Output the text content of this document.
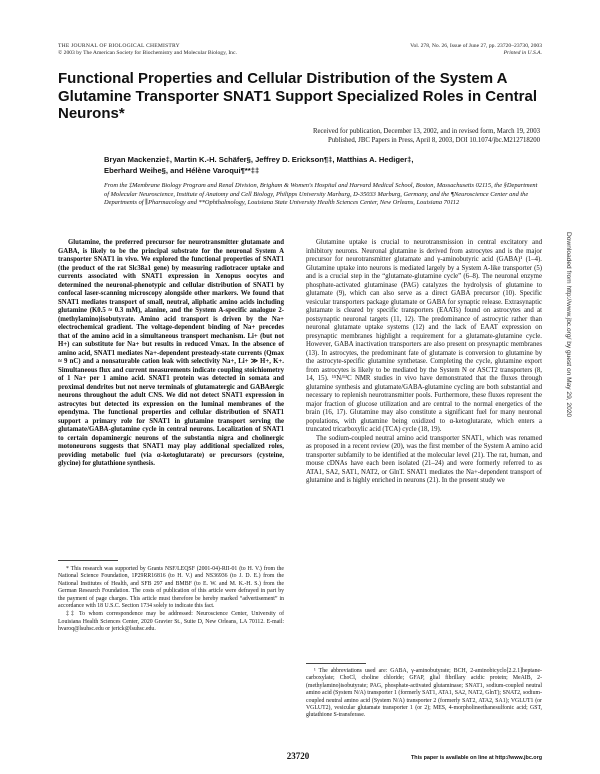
THE JOURNAL OF BIOLOGICAL CHEMISTRY
© 2003 by The American Society for Biochemistry and Molecular Biology, Inc.
Vol. 278, No. 26, Issue of June 27, pp. 23720–23730, 2003
Printed in U.S.A.
Functional Properties and Cellular Distribution of the System A Glutamine Transporter SNAT1 Support Specialized Roles in Central Neurons*
Received for publication, December 13, 2002, and in revised form, March 19, 2003
Published, JBC Papers in Press, April 8, 2003, DOI 10.1074/jbc.M212718200
Bryan Mackenzie‡, Martin K.-H. Schäfer§, Jeffrey D. Erickson¶‡, Matthias A. Hediger‡,
Eberhard Weihe§, and Hélène Varoqui¶**‡‡
From the ‡Membrane Biology Program and Renal Division, Brigham & Women's Hospital and Harvard Medical School, Boston, Massachusetts 02115, the §Department of Molecular Neuroscience, Institute of Anatomy and Cell Biology, Philipps University Marburg, D-35033 Marburg, Germany, and the ¶Neuroscience Center and the Departments of ∥Pharmacology and **Ophthalmology, Louisiana State University Health Sciences Center, New Orleans, Louisiana 70112
Glutamine, the preferred precursor for neurotransmitter glutamate and GABA, is likely to be the principal substrate for the neuronal System A transporter SNAT1 in vivo. We explored the functional properties of SNAT1 (the product of the rat Slc38a1 gene) by measuring radiotracer uptake and currents associated with SNAT1 expression in Xenopus oocytes and determined the neuronal-phenotypic and cellular distribution of SNAT1 by confocal laser-scanning microscopy alongside other markers. We found that SNAT1 mediates transport of small, neutral, aliphatic amino acids including glutamine (K0.5 ≈ 0.3 mM), alanine, and the System A-specific analogue 2-(methylamino)isobutyrate. Amino acid transport is driven by the Na+ electrochemical gradient. The voltage-dependent binding of Na+ precedes that of the amino acid in a simultaneous transport mechanism. Li+ (but not H+) can substitute for Na+ but results in reduced Vmax. In the absence of amino acid, SNAT1 mediates Na+-dependent presteady-state currents (Qmax ≈ 9 nC) and a nonsaturable cation leak with selectivity Na+, Li+ ≫ H+, K+. Simultaneous flux and current measurements indicate coupling stoichiometry of 1 Na+ per 1 amino acid. SNAT1 protein was detected in somata and proximal dendrites but not nerve terminals of glutamatergic and GABAergic neurons throughout the adult CNS. We did not detect SNAT1 expression in astrocytes but detected its expression on the luminal membranes of the ependyma. The functional properties and cellular distribution of SNAT1 support a primary role for SNAT1 in glutamine transport serving the glutamate/GABA-glutamine cycle in central neurons. Localization of SNAT1 to certain dopaminergic neurons of the substantia nigra and cholinergic motoneurons suggests that SNAT1 may play additional specialized roles, providing metabolic fuel (via α-ketoglutarate) or precursors (cysteine, glycine) for glutathione synthesis.

Glutamine uptake is crucial to neurotransmission in central excitatory and inhibitory neurons. Neuronal glutamine is derived from astrocytes and is the major precursor for neurotransmitter glutamate and γ-aminobutyric acid (GABA)¹ (1–4). Glutamine uptake into neurons is mediated largely by a System A-like transporter (5) and is a crucial step in the “glutamate-glutamine cycle” (6–8). The neuronal enzyme phosphate-activated glutaminase (PAG) catalyzes the hydrolysis of glutamine to glutamate (9), which can also serve as a direct GABA precursor (10). Specific vesicular transporters package glutamate or GABA for synaptic release. Extrasynaptic glutamate is cleared by specific transporters (EAATs) found on astrocytes and at postsynaptic neuronal targets (11, 12). The predominance of astrocytic rather than neuronal glutamate uptake systems (12) and the lack of EAAT expression on presynaptic membranes highlight a requirement for a glutamate-glutamine cycle. However, GABA inactivation transporters are also present on presynaptic membranes (13). In astrocytes, the predominant fate of glutamate is conversion to glutamine by the astrocyte-specific glutamine synthetase. Completing the cycle, glutamine export from astrocytes is likely to be mediated by the System N or ASCT2 transporters (8, 14, 15). ¹⁵N/¹³C NMR studies in vivo have demonstrated that the fluxes through glutamine synthesis and glutamate/GABA-glutamine cycling are both substantial and necessary to replenish neurotransmitter pools. Furthermore, these fluxes represent the major fraction of glucose utilization and are central to the normal energetics of the brain (16, 17). Glutamine may also constitute a significant fuel for many neuronal populations, with glutamine being oxidized to α-ketoglutarate, which enters a truncated tricarboxylic acid (TCA) cycle (18, 19).

The sodium-coupled neutral amino acid transporter SNAT1, which was renamed as proposed in a recent review (20), was the first member of the System A amino acid transporter subfamily to be identified at the molecular level (21). The rat, human, and mouse cDNAs have each been isolated (21–24) and were formerly referred to as ATA1, SA2, SAT1, NAT2, or GlnT. SNAT1 mediates the Na+-dependent transport of glutamine and is highly enriched in neurons (21). In the present study we

* This research was supported by Grants NSF/LEQSF (2001-04)-RII-01 (to H. V.) from the National Science Foundation, 1P29RR16816 (to H. V.) and NS36936 (to J. D. E.) from the National Institutes of Health, and SFB 297 and BMBF (to E. W. and M. K.-H. S.) from the German Research Foundation. The costs of publication of this article were defrayed in part by the payment of page charges. This article must therefore be hereby marked “advertisement” in accordance with 18 U.S.C. Section 1734 solely to indicate this fact.

‡‡ To whom correspondence may be addressed: Neuroscience Center, University of Louisiana Health Sciences Center, 2020 Gravier St., Suite D, New Orleans, LA 70112. E-mail: hvaroq@lsuhsc.edu or jerick@lsuhsc.edu.

¹ The abbreviations used are: GABA, γ-aminobutyrate; BCH, 2-aminobicyclo[2.2.1]heptane-carboxylate; ChoCl, choline chloride; GFAP, glial fibrillary acidic protein; MeAIB, 2-(methylamino)isobutyrate; PAG, phosphate-activated glutaminase; SNAT1, sodium-coupled neutral amino acid (System N/A) transporter 1 (formerly SAT1, ATA1, SA2, NAT2, GlnT); SNAT2, sodium-coupled neutral amino acid (System N/A) transporter 2 (formerly SAT2, ATA2, SA1); VGLUT1 (or VGLUT2), vesicular glutamate transporter 1 (or 2); MES, 4-morpholineethanesulfonic acid; GST, glutathione S-transferase.

23720	This paper is available on line at http://www.jbc.org
Downloaded from http://www.jbc.org/ by guest on May 29, 2020
